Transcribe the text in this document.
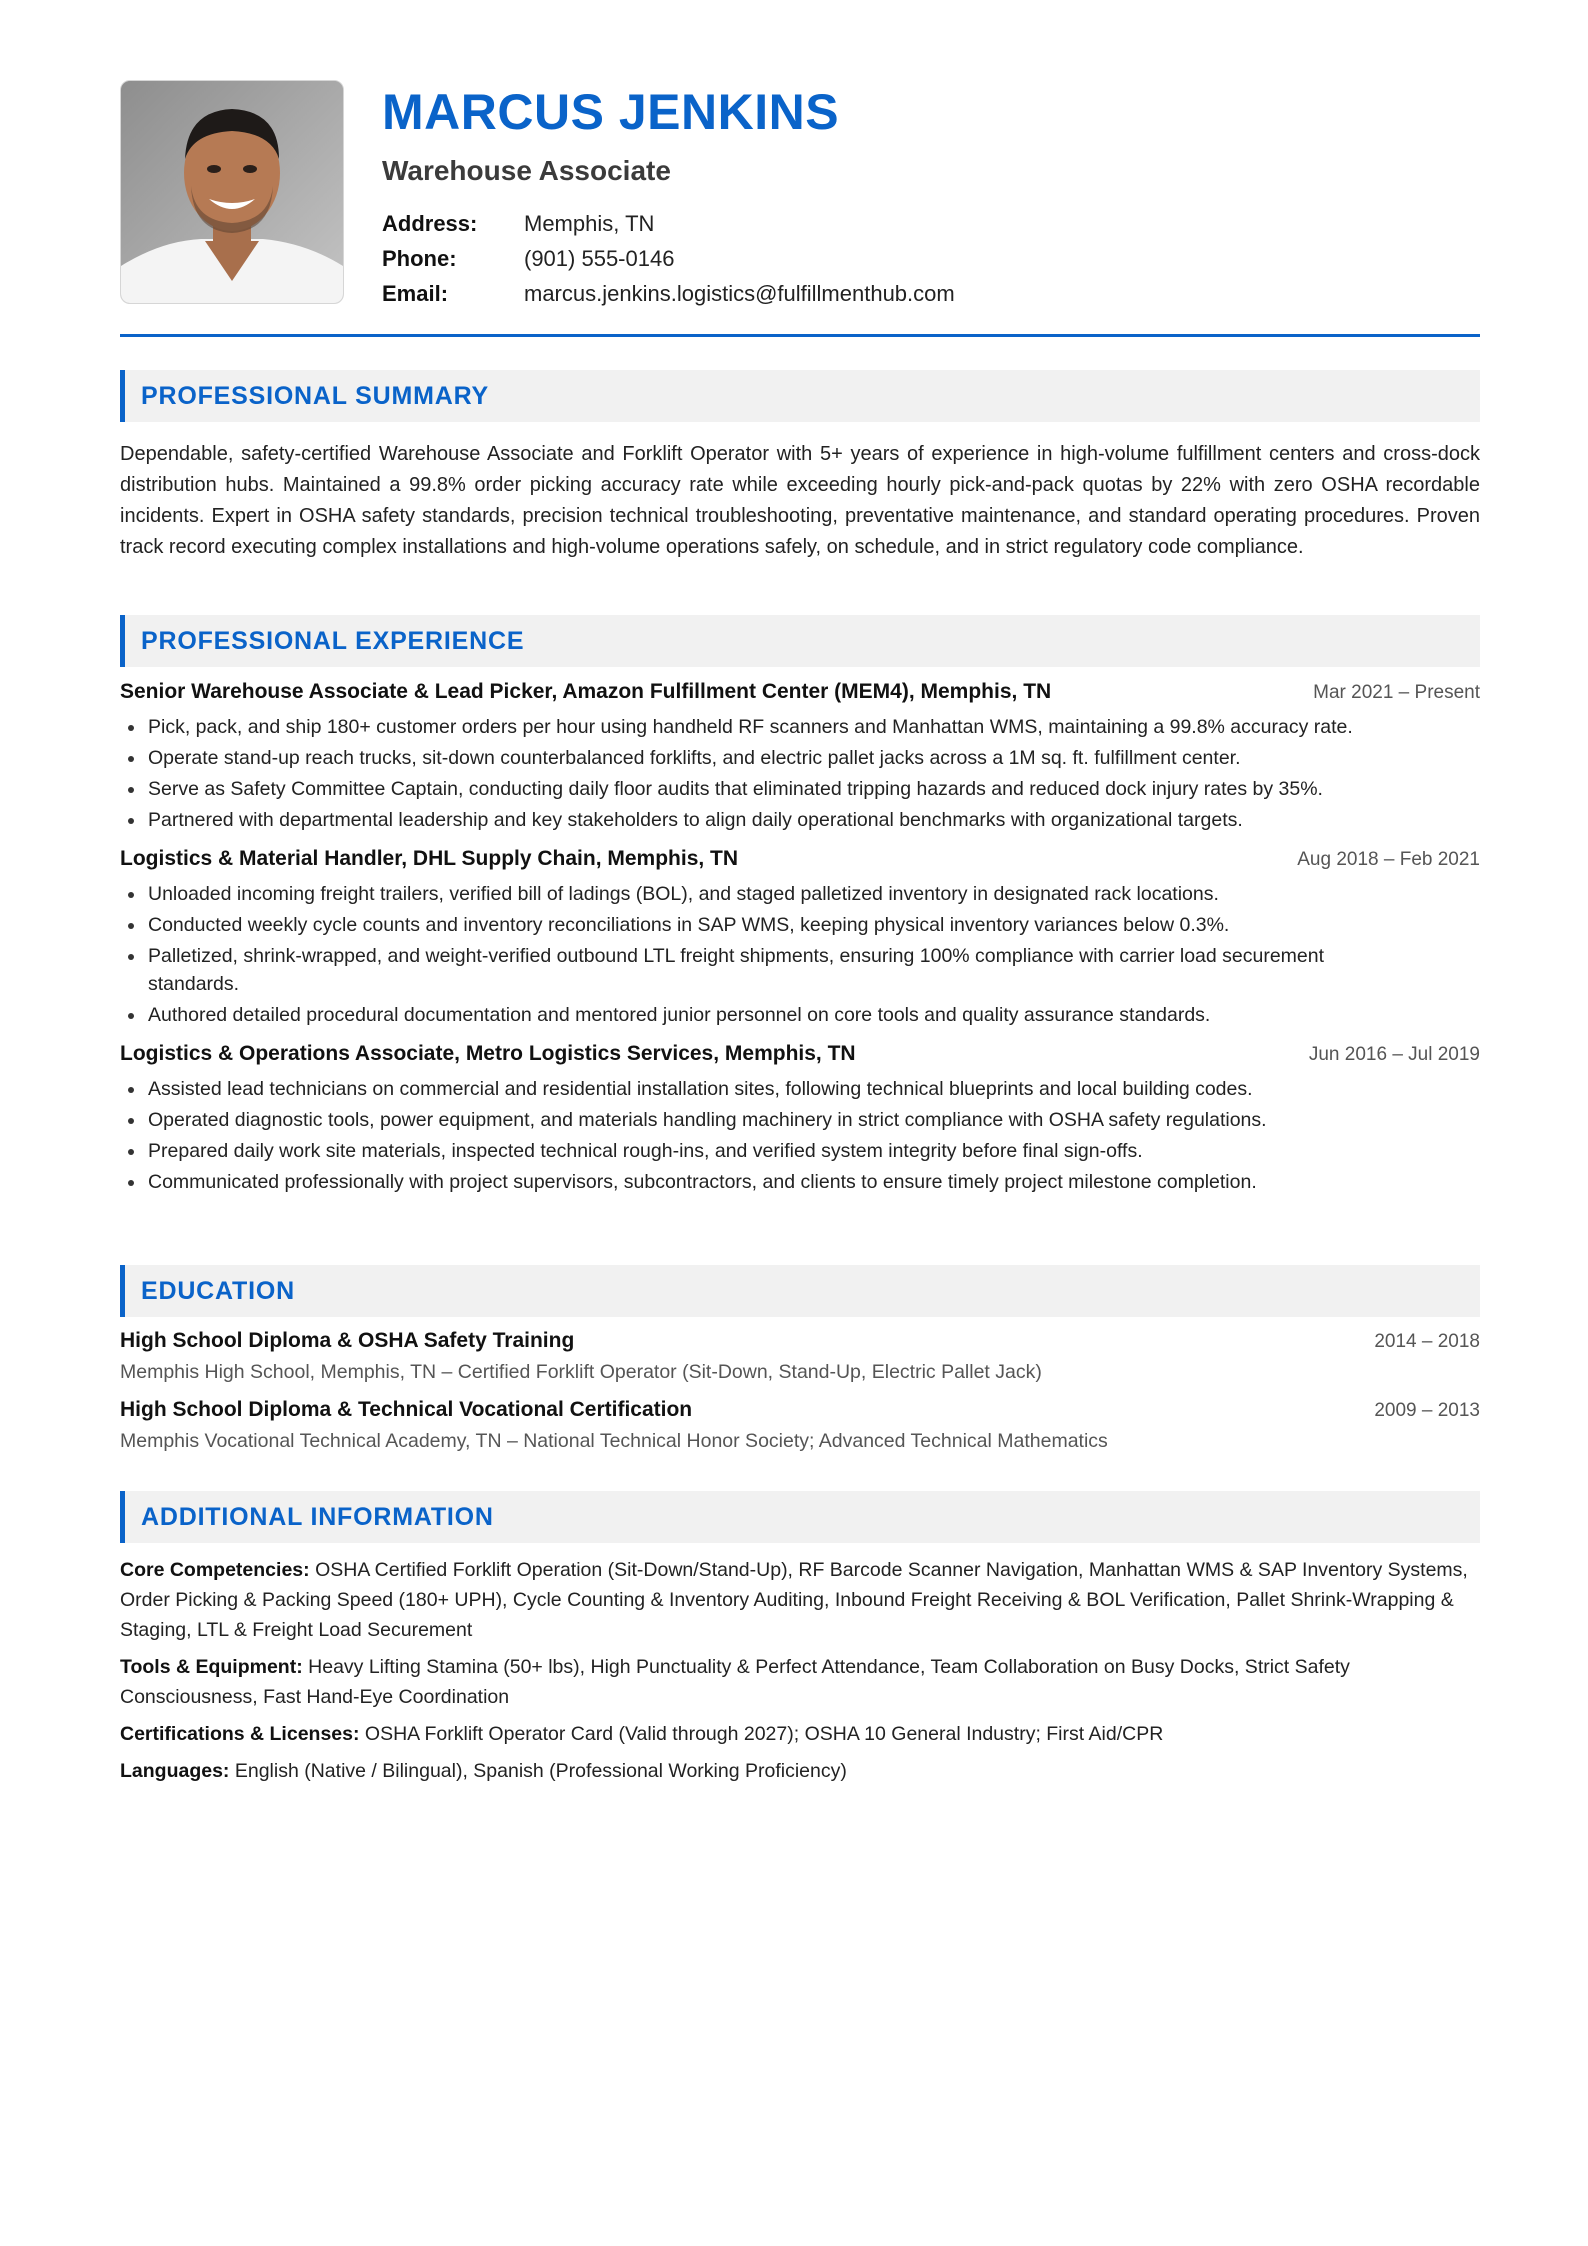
MARCUS JENKINS
Warehouse Associate
Address:	Memphis, TN
Phone:	(901) 555-0146
Email:	marcus.jenkins.logistics@fulfillmenthub.com
PROFESSIONAL SUMMARY

Dependable, safety-certified Warehouse Associate and Forklift Operator with 5+ years of experience in high-volume fulfillment centers and cross-dock distribution hubs. Maintained a 99.8% order picking accuracy rate while exceeding hourly pick-and-pack quotas by 22% with zero OSHA recordable incidents. Expert in OSHA safety standards, precision technical troubleshooting, preventative maintenance, and standard operating procedures. Proven track record executing complex installations and high-volume operations safely, on schedule, and in strict regulatory code compliance.

PROFESSIONAL EXPERIENCE
Senior Warehouse Associate & Lead Picker, Amazon Fulfillment Center (MEM4), Memphis, TN	Mar 2021 – Present
Pick, pack, and ship 180+ customer orders per hour using handheld RF scanners and Manhattan WMS, maintaining a 99.8% accuracy rate.
Operate stand-up reach trucks, sit-down counterbalanced forklifts, and electric pallet jacks across a 1M sq. ft. fulfillment center.
Serve as Safety Committee Captain, conducting daily floor audits that eliminated tripping hazards and reduced dock injury rates by 35%.
Partnered with departmental leadership and key stakeholders to align daily operational benchmarks with organizational targets.
Logistics & Material Handler, DHL Supply Chain, Memphis, TN	Aug 2018 – Feb 2021
Unloaded incoming freight trailers, verified bill of ladings (BOL), and staged palletized inventory in designated rack locations.
Conducted weekly cycle counts and inventory reconciliations in SAP WMS, keeping physical inventory variances below 0.3%.
Palletized, shrink-wrapped, and weight-verified outbound LTL freight shipments, ensuring 100% compliance with carrier load securement standards.
Authored detailed procedural documentation and mentored junior personnel on core tools and quality assurance standards.
Logistics & Operations Associate, Metro Logistics Services, Memphis, TN	Jun 2016 – Jul 2019
Assisted lead technicians on commercial and residential installation sites, following technical blueprints and local building codes.
Operated diagnostic tools, power equipment, and materials handling machinery in strict compliance with OSHA safety regulations.
Prepared daily work site materials, inspected technical rough-ins, and verified system integrity before final sign-offs.
Communicated professionally with project supervisors, subcontractors, and clients to ensure timely project milestone completion.
EDUCATION
High School Diploma & OSHA Safety Training	2014 – 2018
Memphis High School, Memphis, TN – Certified Forklift Operator (Sit-Down, Stand-Up, Electric Pallet Jack)
High School Diploma & Technical Vocational Certification	2009 – 2013
Memphis Vocational Technical Academy, TN – National Technical Honor Society; Advanced Technical Mathematics
ADDITIONAL INFORMATION
Core Competencies: OSHA Certified Forklift Operation (Sit-Down/Stand-Up), RF Barcode Scanner Navigation, Manhattan WMS & SAP Inventory Systems, Order Picking & Packing Speed (180+ UPH), Cycle Counting & Inventory Auditing, Inbound Freight Receiving & BOL Verification, Pallet Shrink-Wrapping & Staging, LTL & Freight Load Securement
Tools & Equipment: Heavy Lifting Stamina (50+ lbs), High Punctuality & Perfect Attendance, Team Collaboration on Busy Docks, Strict Safety Consciousness, Fast Hand-Eye Coordination
Certifications & Licenses: OSHA Forklift Operator Card (Valid through 2027); OSHA 10 General Industry; First Aid/CPR
Languages: English (Native / Bilingual), Spanish (Professional Working Proficiency)
